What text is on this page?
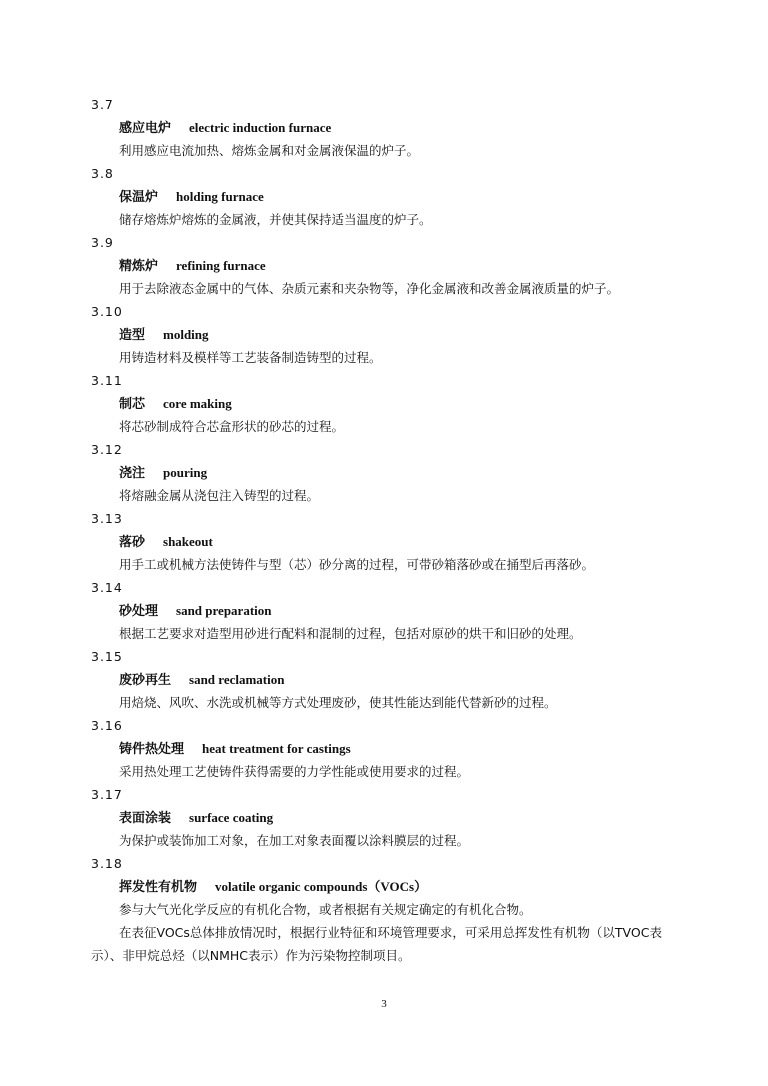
3.7
感应电炉 electric induction furnace
利用感应电流加热、熔炼金属和对金属液保温的炉子。
3.8
保温炉 holding furnace
储存熔炼炉熔炼的金属液，并使其保持适当温度的炉子。
3.9
精炼炉 refining furnace
用于去除液态金属中的气体、杂质元素和夹杂物等，净化金属液和改善金属液质量的炉子。
3.10
造型 molding
用铸造材料及模样等工艺装备制造铸型的过程。
3.11
制芯 core making
将芯砂制成符合芯盒形状的砂芯的过程。
3.12
浇注 pouring
将熔融金属从浇包注入铸型的过程。
3.13
落砂 shakeout
用手工或机械方法使铸件与型（芯）砂分离的过程，可带砂箱落砂或在捅型后再落砂。
3.14
砂处理 sand preparation
根据工艺要求对造型用砂进行配料和混制的过程，包括对原砂的烘干和旧砂的处理。
3.15
废砂再生 sand reclamation
用焙烧、风吹、水洗或机械等方式处理废砂，使其性能达到能代替新砂的过程。
3.16
铸件热处理 heat treatment for castings
采用热处理工艺使铸件获得需要的力学性能或使用要求的过程。
3.17
表面涂装 surface coating
为保护或装饰加工对象，在加工对象表面覆以涂料膜层的过程。
3.18
挥发性有机物 volatile organic compounds（VOCs）
参与大气光化学反应的有机化合物，或者根据有关规定确定的有机化合物。
在表征VOCs总体排放情况时，根据行业特征和环境管理要求，可采用总挥发性有机物（以TVOC表示）、非甲烷总烃（以NMHC表示）作为污染物控制项目。
3
